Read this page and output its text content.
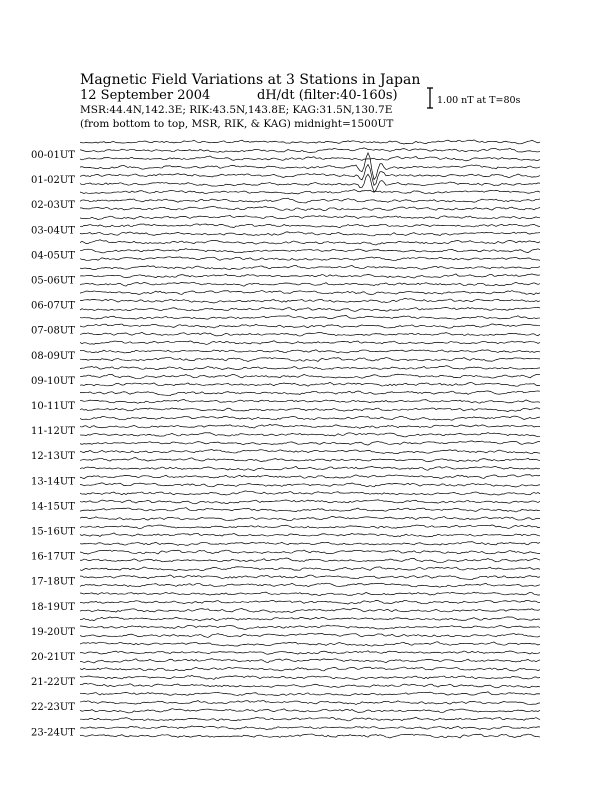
Magnetic Field Variations at 3 Stations in Japan
12 September 2004	dH/dt (filter:40-160s)
MSR:44.4N,142.3E; RIK:43.5N,143.8E; KAG:31.5N,130.7E
(from bottom to top, MSR, RIK, & KAG) midnight=1500UT
1.00 nT at T=80s
00-01UT
01-02UT
02-03UT
03-04UT
04-05UT
05-06UT
06-07UT
07-08UT
08-09UT
09-10UT
10-11UT
11-12UT
12-13UT
13-14UT
14-15UT
15-16UT
16-17UT
17-18UT
18-19UT
19-20UT
20-21UT
21-22UT
22-23UT
23-24UT
